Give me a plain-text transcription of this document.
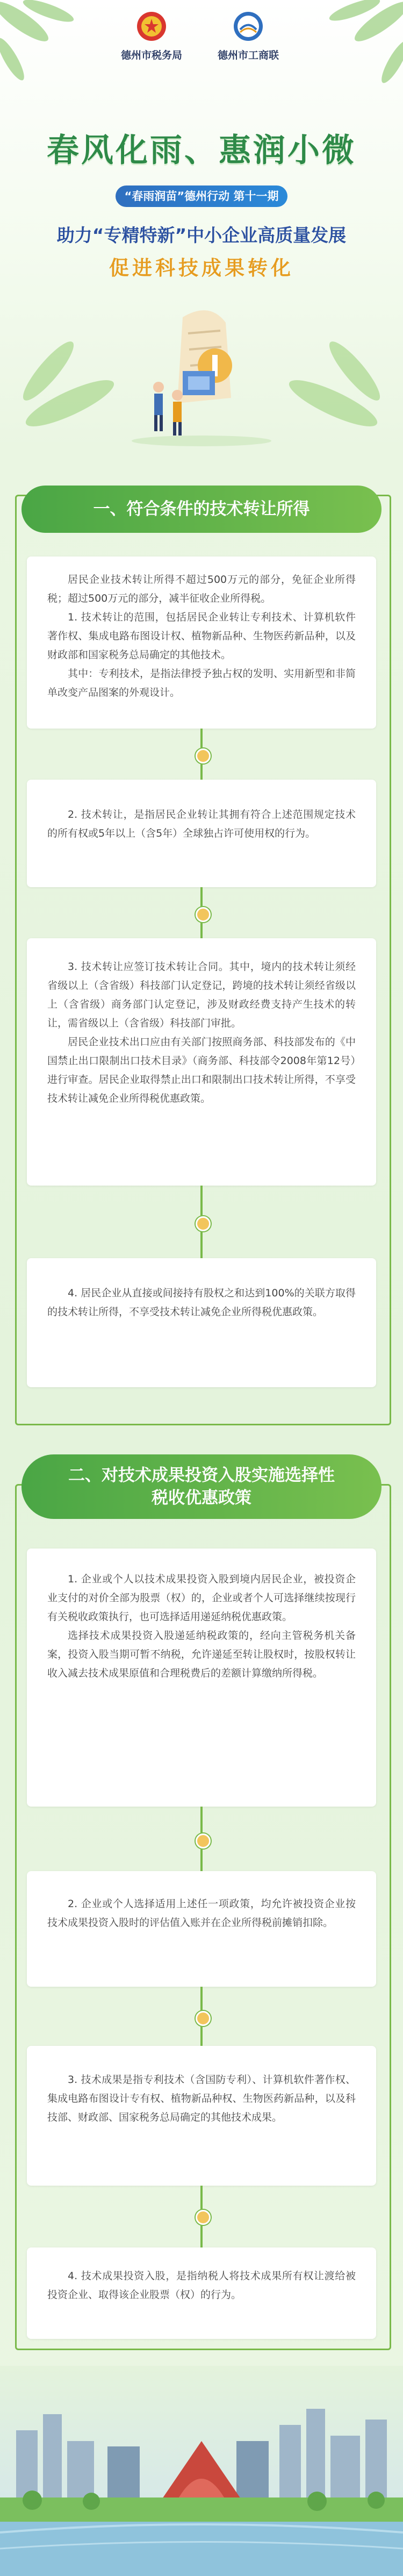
德州市税务局	德州市工商联
春风化雨、惠润小微
“春雨润苗”德州行动 第十一期
助力“专精特新”中小企业高质量发展
促进科技成果转化
一、符合条件的技术转让所得

居民企业技术转让所得不超过500万元的部分，免征企业所得税；超过500万元的部分，减半征收企业所得税。

1. 技术转让的范围，包括居民企业转让专利技术、计算机软件著作权、集成电路布图设计权、植物新品种、生物医药新品种，以及财政部和国家税务总局确定的其他技术。

其中：专利技术，是指法律授予独占权的发明、实用新型和非简单改变产品图案的外观设计。

2. 技术转让，是指居民企业转让其拥有符合上述范围规定技术的所有权或5年以上（含5年）全球独占许可使用权的行为。

3. 技术转让应签订技术转让合同。其中，境内的技术转让须经省级以上（含省级）科技部门认定登记，跨境的技术转让须经省级以上（含省级）商务部门认定登记，涉及财政经费支持产生技术的转让，需省级以上（含省级）科技部门审批。

居民企业技术出口应由有关部门按照商务部、科技部发布的《中国禁止出口限制出口技术目录》（商务部、科技部令2008年第12号）进行审查。居民企业取得禁止出口和限制出口技术转让所得，不享受技术转让减免企业所得税优惠政策。

4. 居民企业从直接或间接持有股权之和达到100%的关联方取得的技术转让所得，不享受技术转让减免企业所得税优惠政策。

二、对技术成果投资入股实施选择性
税收优惠政策

1. 企业或个人以技术成果投资入股到境内居民企业，被投资企业支付的对价全部为股票（权）的，企业或者个人可选择继续按现行有关税收政策执行，也可选择适用递延纳税优惠政策。

选择技术成果投资入股递延纳税政策的，经向主管税务机关备案，投资入股当期可暂不纳税，允许递延至转让股权时，按股权转让收入减去技术成果原值和合理税费后的差额计算缴纳所得税。

2. 企业或个人选择适用上述任一项政策，均允许被投资企业按技术成果投资入股时的评估值入账并在企业所得税前摊销扣除。

3. 技术成果是指专利技术（含国防专利）、计算机软件著作权、集成电路布图设计专有权、植物新品种权、生物医药新品种，以及科技部、财政部、国家税务总局确定的其他技术成果。

4. 技术成果投资入股，是指纳税人将技术成果所有权让渡给被投资企业、取得该企业股票（权）的行为。
